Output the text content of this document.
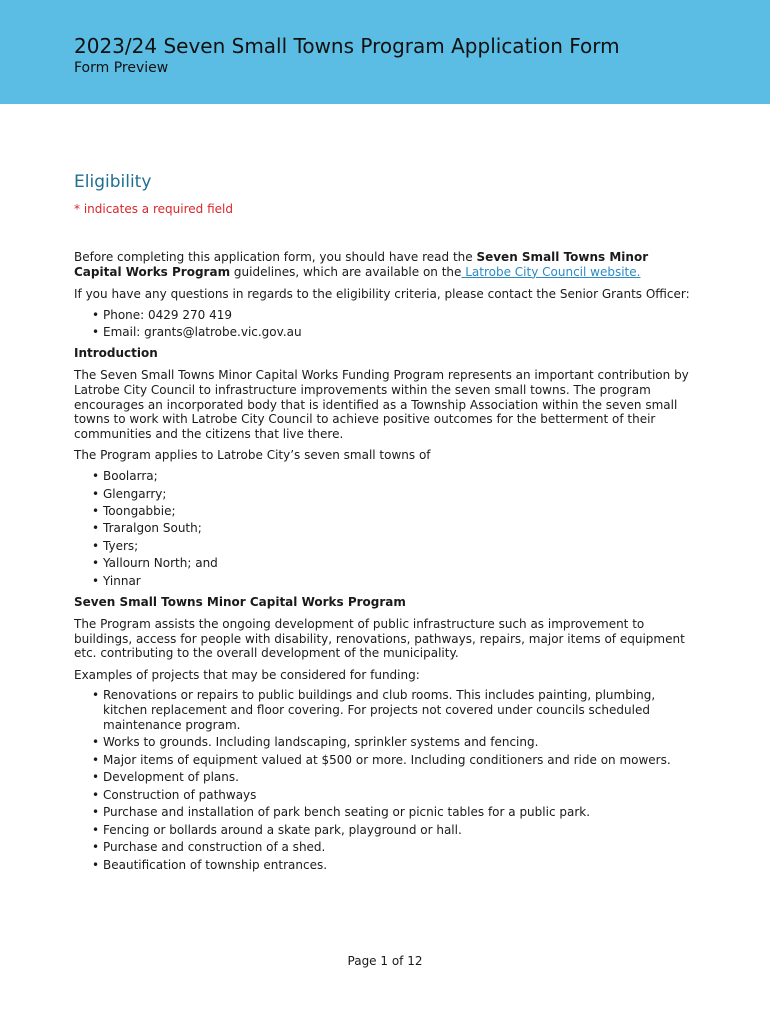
2023/24 Seven Small Towns Program Application Form
Form Preview
Eligibility
* indicates a required field

Before completing this application form, you should have read the Seven Small Towns Minor Capital Works Program guidelines, which are available on the Latrobe City Council website.

If you have any questions in regards to the eligibility criteria, please contact the Senior Grants Officer:

• Phone: 0429 270 419
• Email: grants@latrobe.vic.gov.au
Introduction

The Seven Small Towns Minor Capital Works Funding Program represents an important contribution by Latrobe City Council to infrastructure improvements within the seven small towns. The program encourages an incorporated body that is identified as a Township Association within the seven small towns to work with Latrobe City Council to achieve positive outcomes for the betterment of their communities and the citizens that live there.

The Program applies to Latrobe City’s seven small towns of

• Boolarra;
• Glengarry;
• Toongabbie;
• Traralgon South;
• Tyers;
• Yallourn North; and
• Yinnar
Seven Small Towns Minor Capital Works Program

The Program assists the ongoing development of public infrastructure such as improvement to buildings, access for people with disability, renovations, pathways, repairs, major items of equipment etc. contributing to the overall development of the municipality.

Examples of projects that may be considered for funding:

• Renovations or repairs to public buildings and club rooms. This includes painting, plumbing, kitchen replacement and floor covering. For projects not covered under councils scheduled maintenance program.
• Works to grounds. Including landscaping, sprinkler systems and fencing.
• Major items of equipment valued at $500 or more. Including conditioners and ride on mowers.
• Development of plans.
• Construction of pathways
• Purchase and installation of park bench seating or picnic tables for a public park.
• Fencing or bollards around a skate park, playground or hall.
• Purchase and construction of a shed.
• Beautification of township entrances.
Page 1 of 12
